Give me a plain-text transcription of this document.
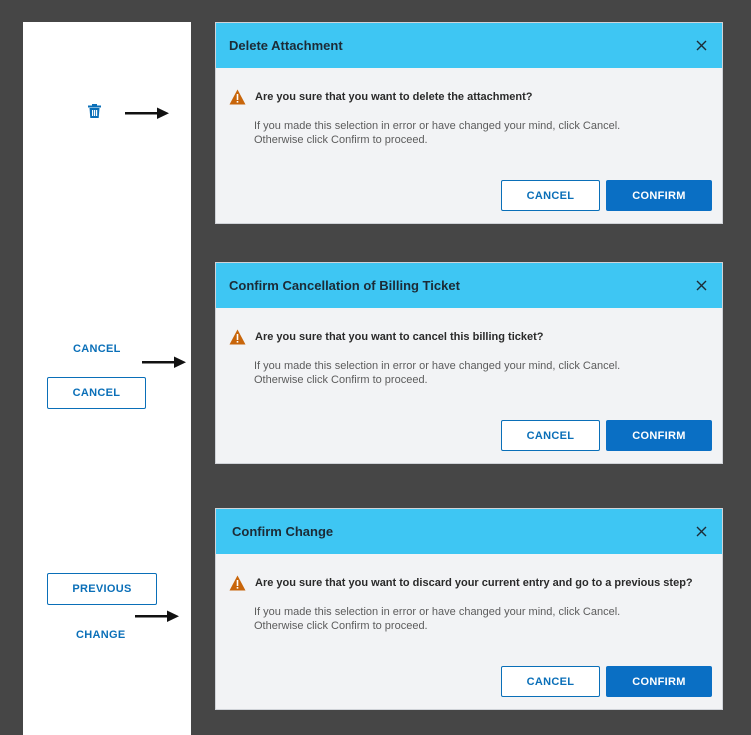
CANCEL
CANCEL
PREVIOUS
CHANGE
Delete Attachment
Are you sure that you want to delete the attachment?
If you made this selection in error or have changed your mind, click Cancel.
Otherwise click Confirm to proceed.
CANCEL	CONFIRM
Confirm Cancellation of Billing Ticket
Are you sure that you want to cancel this billing ticket?
If you made this selection in error or have changed your mind, click Cancel.
Otherwise click Confirm to proceed.
CANCEL	CONFIRM
Confirm Change
Are you sure that you want to discard your current entry and go to a previous step?
If you made this selection in error or have changed your mind, click Cancel.
Otherwise click Confirm to proceed.
CANCEL	CONFIRM
